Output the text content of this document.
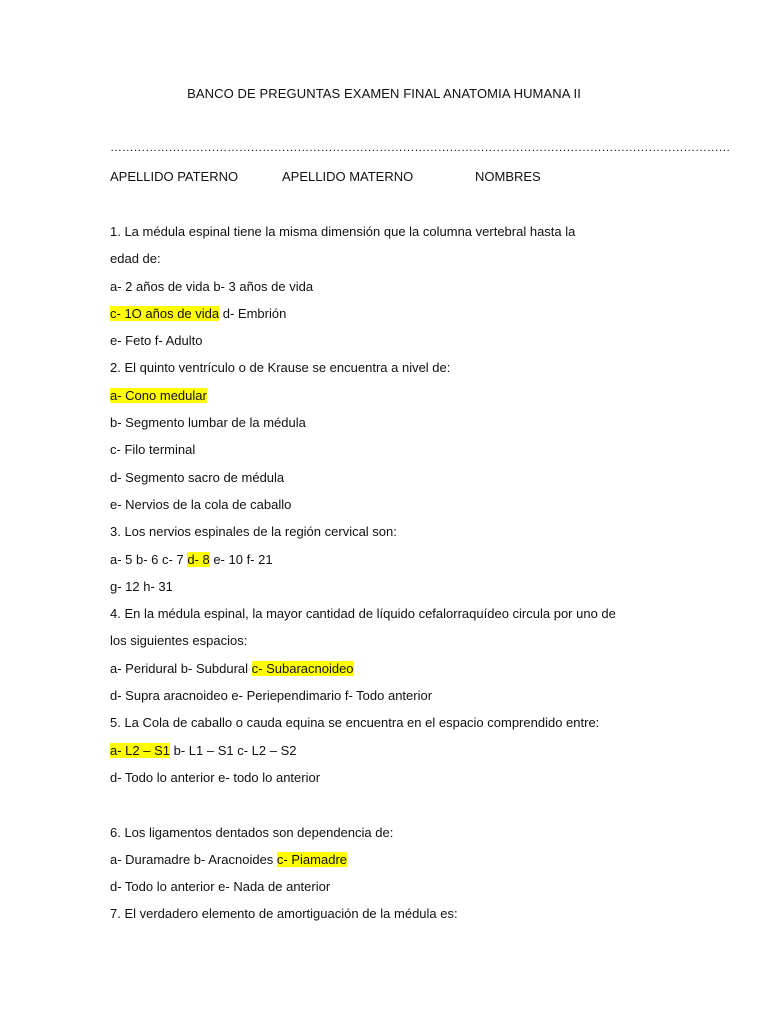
BANCO DE PREGUNTAS EXAMEN FINAL ANATOMIA HUMANA II
……………………………………………………………………………………………………………………………………………
APELLIDO PATERNO	APELLIDO MATERNO	NOMBRES
1. La médula espinal tiene la misma dimensión que la columna vertebral hasta la
edad de:
a- 2 años de vida b- 3 años de vida
c- 1O años de vida d- Embrión
e- Feto f- Adulto
2. El quinto ventrículo o de Krause se encuentra a nivel de:
a- Cono medular
b- Segmento lumbar de la médula
c- Filo terminal
d- Segmento sacro de médula
e- Nervios de la cola de caballo
3. Los nervios espinales de la región cervical son:
a- 5 b- 6 c- 7 d- 8 e- 10 f- 21
g- 12 h- 31
4. En la médula espinal, la mayor cantidad de líquido cefalorraquídeo circula por uno de
los siguientes espacios:
a- Peridural b- Subdural c- Subaracnoideo
d- Supra aracnoideo e- Periependimario f- Todo anterior
5. La Cola de caballo o cauda equina se encuentra en el espacio comprendido entre:
a- L2 – S1 b- L1 – S1 c- L2 – S2
d- Todo lo anterior e- todo lo anterior
6. Los ligamentos dentados son dependencia de:
a- Duramadre b- Aracnoides c- Piamadre
d- Todo lo anterior e- Nada de anterior
7. El verdadero elemento de amortiguación de la médula es:
